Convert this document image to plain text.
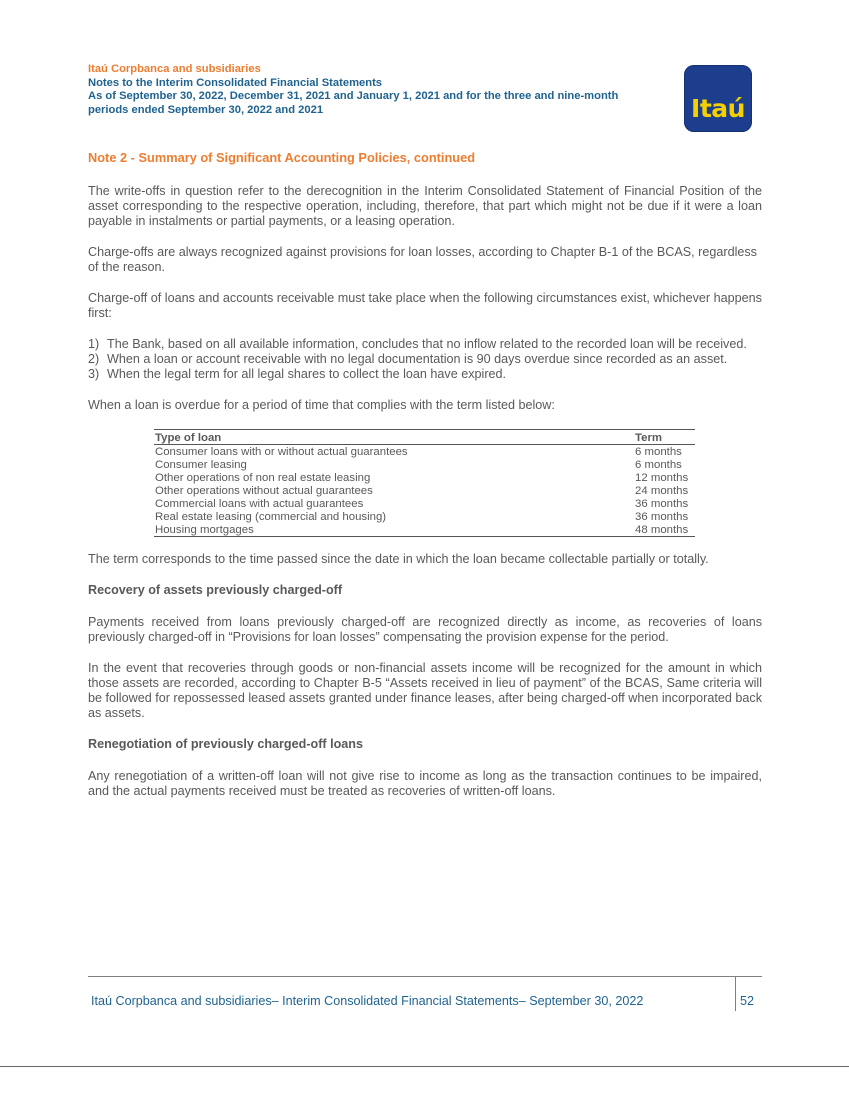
Itaú Corpbanca and subsidiaries
Notes to the Interim Consolidated Financial Statements
As of September 30, 2022, December 31, 2021 and January 1, 2021 and for the three and nine-month periods ended September 30, 2022 and 2021	Itaú
Note 2 - Summary of Significant Accounting Policies, continued

The write-offs in question refer to the derecognition in the Interim Consolidated Statement of Financial Position of the asset corresponding to the respective operation, including, therefore, that part which might not be due if it were a loan payable in instalments or partial payments, or a leasing operation.

Charge-offs are always recognized against provisions for loan losses, according to Chapter B-1 of the BCAS, regardless of the reason.

Charge-off of loans and accounts receivable must take place when the following circumstances exist, whichever happens first:

1) The Bank, based on all available information, concludes that no inflow related to the recorded loan will be received.
2) When a loan or account receivable with no legal documentation is 90 days overdue since recorded as an asset.
3) When the legal term for all legal shares to collect the loan have expired.

When a loan is overdue for a period of time that complies with the term listed below:

Type of loan	Term
Consumer loans with or without actual guarantees	6 months
Consumer leasing	6 months
Other operations of non real estate leasing	12 months
Other operations without actual guarantees	24 months
Commercial loans with actual guarantees	36 months
Real estate leasing (commercial and housing)	36 months
Housing mortgages	48 months

The term corresponds to the time passed since the date in which the loan became collectable partially or totally.

Recovery of assets previously charged-off

Payments received from loans previously charged-off are recognized directly as income, as recoveries of loans previously charged-off in “Provisions for loan losses” compensating the provision expense for the period.

In the event that recoveries through goods or non-financial assets income will be recognized for the amount in which those assets are recorded, according to Chapter B-5 “Assets received in lieu of payment” of the BCAS, Same criteria will be followed for repossessed leased assets granted under finance leases, after being charged-off when incorporated back as assets.

Renegotiation of previously charged-off loans

Any renegotiation of a written-off loan will not give rise to income as long as the transaction continues to be impaired, and the actual payments received must be treated as recoveries of written-off loans.

Itaú Corpbanca and subsidiaries– Interim Consolidated Financial Statements– September 30, 2022	52
